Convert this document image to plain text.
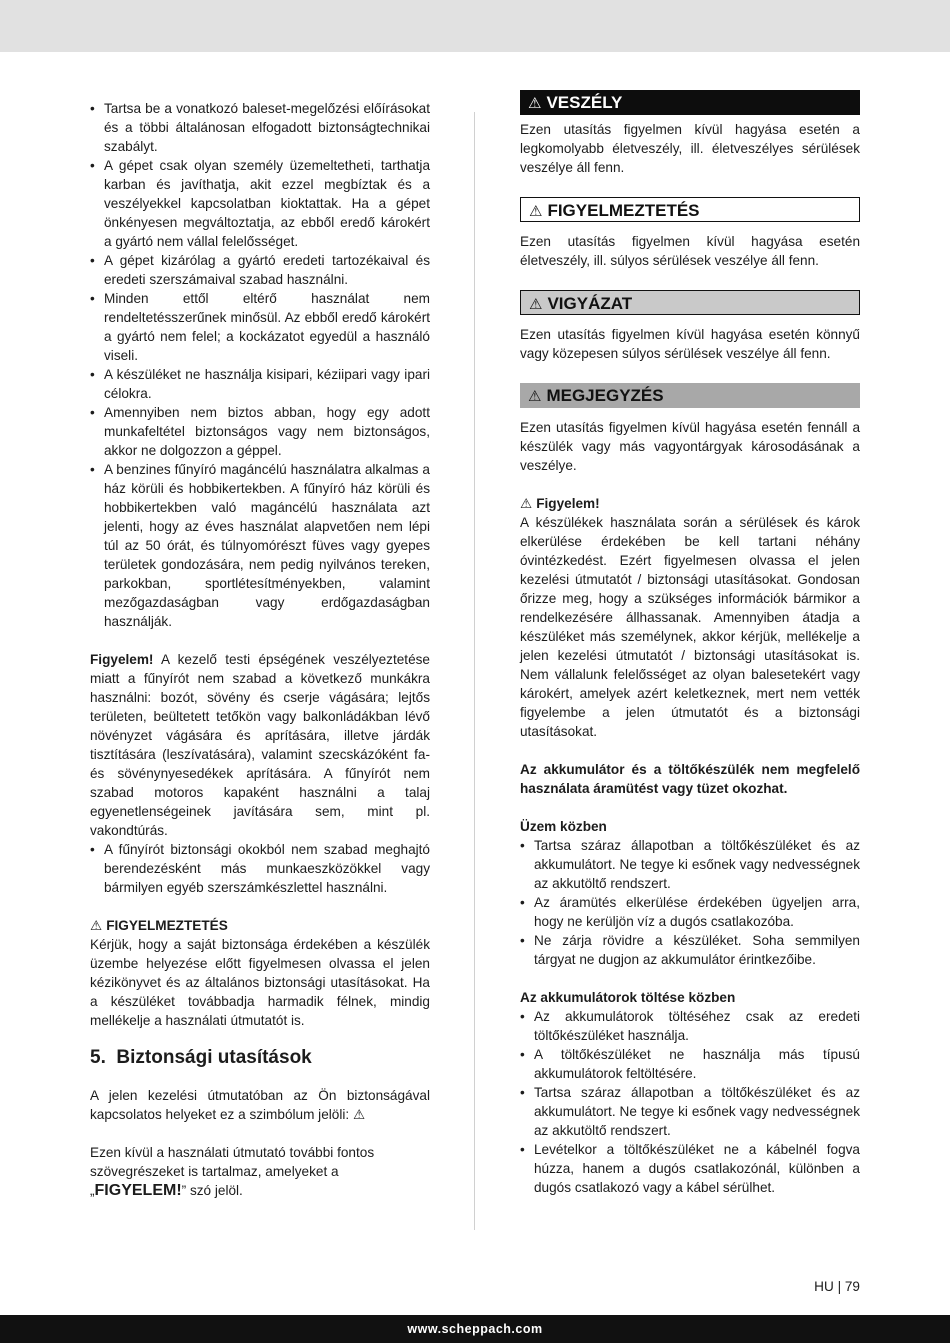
• Tartsa be a vonatkozó baleset-megelőzési előírásokat és a többi általánosan elfogadott biztonságtechnikai szabályt.
• A gépet csak olyan személy üzemeltetheti, tarthatja karban és javíthatja, akit ezzel megbíztak és a veszélyekkel kapcsolatban kioktattak. Ha a gépet önkényesen megváltoztatja, az ebből eredő károkért a gyártó nem vállal felelősséget.
• A gépet kizárólag a gyártó eredeti tartozékaival és eredeti szerszámaival szabad használni.
• Minden ettől eltérő használat nem rendeltetésszerűnek minősül. Az ebből eredő károkért a gyártó nem felel; a kockázatot egyedül a használó viseli.
• A készüléket ne használja kisipari, kéziipari vagy ipari célokra.
• Amennyiben nem biztos abban, hogy egy adott munkafeltétel biztonságos vagy nem biztonságos, akkor ne dolgozzon a géppel.
• A benzines fűnyíró magáncélú használatra alkalmas a ház körüli és hobbikertekben. A fűnyíró ház körüli és hobbikertekben való magáncélú használata azt jelenti, hogy az éves használat alapvetően nem lépi túl az 50 órát, és túlnyomórészt füves vagy gyepes területek gondozására, nem pedig nyilvános tereken, parkokban, sportlétesítményekben, valamint mezőgazdaságban vagy erdőgazdaságban használják.

Figyelem! A kezelő testi épségének veszélyeztetése miatt a fűnyírót nem szabad a következő munkákra használni: bozót, sövény és cserje vágására; lejtős területen, beültetett tetőkön vagy balkonládákban lévő növényzet vágására és aprítására, illetve járdák tisztítására (leszívatására), valamint szecskázóként fa- és sövénynyesedékek aprítására. A fűnyírót nem szabad motoros kapaként használni a talaj egyenetlenségeinek javítására sem, mint pl. vakondtúrás.

• A fűnyírót biztonsági okokból nem szabad meghajtó berendezésként más munkaeszközökkel vagy bármilyen egyéb szerszámkészlettel használni.
⚠ FIGYELMEZTETÉS

Kérjük, hogy a saját biztonsága érdekében a készülék üzembe helyezése előtt figyelmesen olvassa el jelen kézikönyvet és az általános biztonsági utasításokat. Ha a készüléket továbbadja harmadik félnek, mindig mellékelje a használati útmutatót is.

5. Biztonsági utasítások

A jelen kezelési útmutatóban az Ön biztonságával kapcsolatos helyeket ez a szimbólum jelöli: ⚠

Ezen kívül a használati útmutató további fontos szövegrészeket is tartalmaz, amelyeket a „FIGYELEM!” szó jelöl.

⚠ VESZÉLY

Ezen utasítás figyelmen kívül hagyása esetén a legkomolyabb életveszély, ill. életveszélyes sérülések veszélye áll fenn.

⚠ FIGYELMEZTETÉS

Ezen utasítás figyelmen kívül hagyása esetén életveszély, ill. súlyos sérülések veszélye áll fenn.

⚠ VIGYÁZAT

Ezen utasítás figyelmen kívül hagyása esetén könnyű vagy közepesen súlyos sérülések veszélye áll fenn.

⚠ MEGJEGYZÉS

Ezen utasítás figyelmen kívül hagyása esetén fennáll a készülék vagy más vagyontárgyak károsodásának a veszélye.

⚠ Figyelem!

A készülékek használata során a sérülések és károk elkerülése érdekében be kell tartani néhány óvintézkedést. Ezért figyelmesen olvassa el jelen kezelési útmutatót / biztonsági utasításokat. Gondosan őrizze meg, hogy a szükséges információk bármikor a rendelkezésére állhassanak. Amennyiben átadja a készüléket más személynek, akkor kérjük, mellékelje a jelen kezelési útmutatót / biztonsági utasításokat is. Nem vállalunk felelősséget az olyan balesetekért vagy károkért, amelyek azért keletkeznek, mert nem vették figyelembe a jelen útmutatót és a biztonsági utasításokat.

Az akkumulátor és a töltőkészülék nem megfelelő használata áramütést vagy tüzet okozhat.

Üzem közben
• Tartsa száraz állapotban a töltőkészüléket és az akkumulátort. Ne tegye ki esőnek vagy nedvességnek az akkutöltő rendszert.
• Az áramütés elkerülése érdekében ügyeljen arra, hogy ne kerüljön víz a dugós csatlakozóba.
• Ne zárja rövidre a készüléket. Soha semmilyen tárgyat ne dugjon az akkumulátor érintkezőibe.
Az akkumulátorok töltése közben
• Az akkumulátorok töltéséhez csak az eredeti töltőkészüléket használja.
• A töltőkészüléket ne használja más típusú akkumulátorok feltöltésére.
• Tartsa száraz állapotban a töltőkészüléket és az akkumulátort. Ne tegye ki esőnek vagy nedvességnek az akkutöltő rendszert.
• Levételkor a töltőkészüléket ne a kábelnél fogva húzza, hanem a dugós csatlakozónál, különben a dugós csatlakozó vagy a kábel sérülhet.
HU | 79
www.scheppach.com
